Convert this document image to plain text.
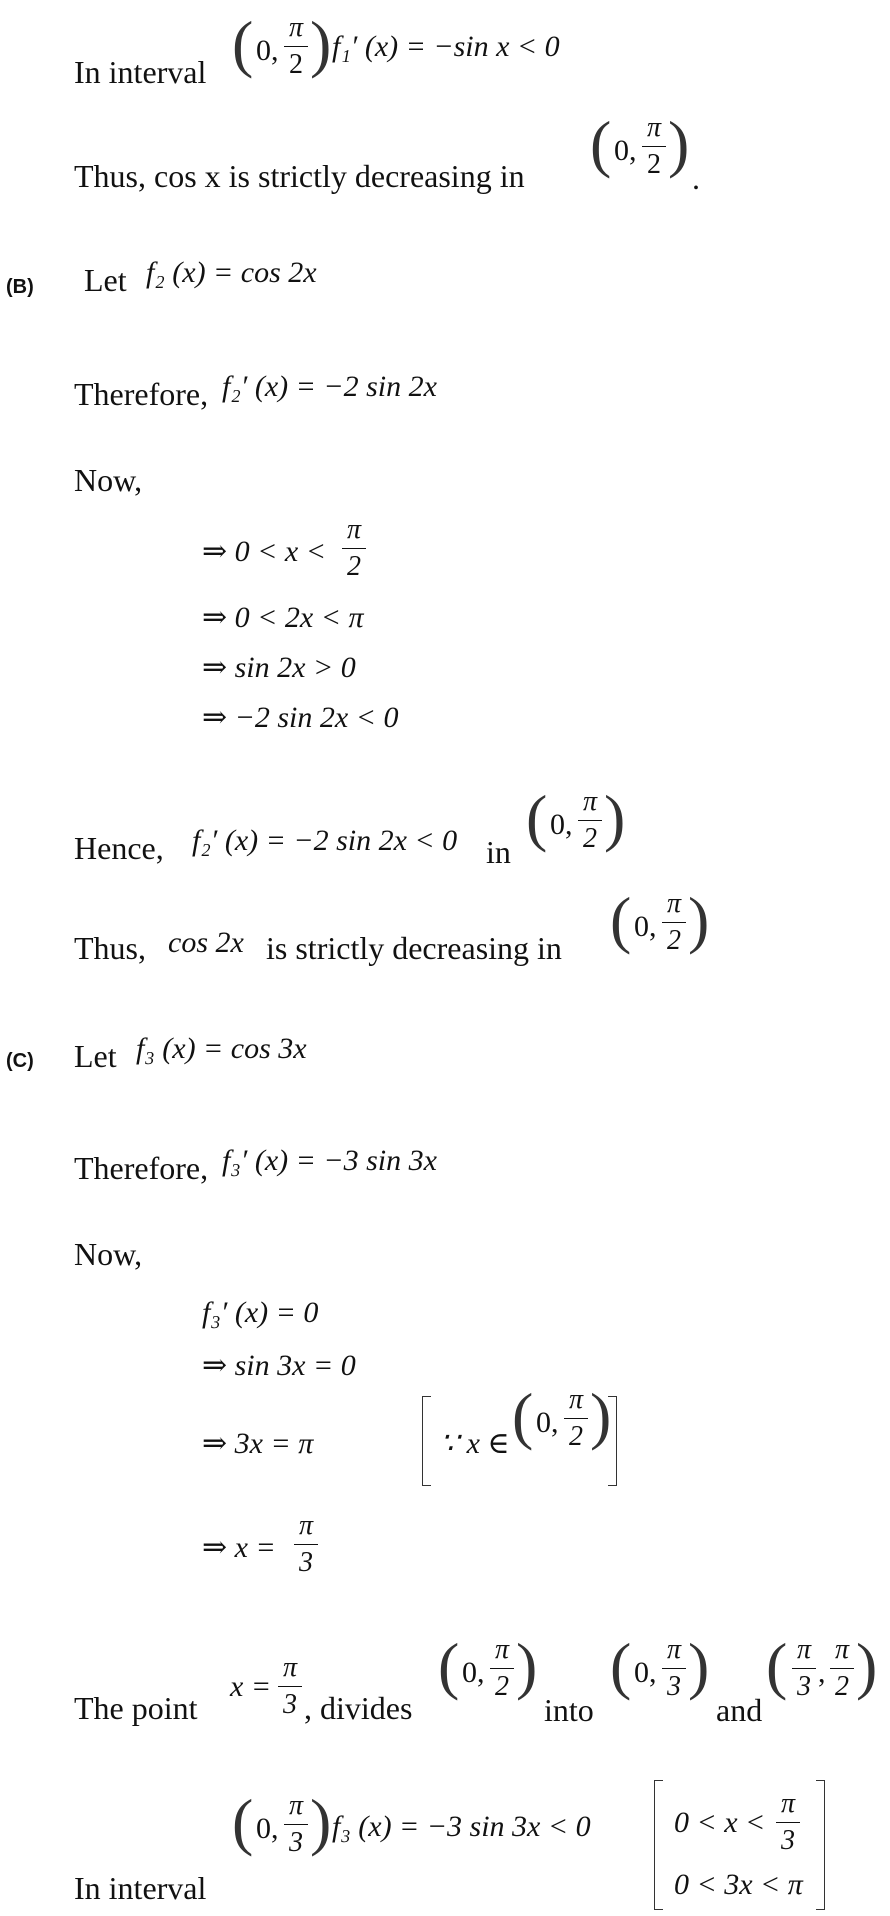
In interval ( 0,
π
2 ) f₁′ (x) = −sin x < 0
Thus, cos x is strictly decreasing in ( 0,
π
2 ) .
(B) Let f₂ (x) = cos 2x
Therefore, f₂′ (x) = −2 sin 2x
Now,
⇒ 0 < x <
π
2
⇒ 0 < 2x < π
⇒ sin 2x > 0
⇒ −2 sin 2x < 0
Hence, f₂′ (x) = −2 sin 2x < 0 in ( 0,
π
2 )
Thus, cos 2x is strictly decreasing in ( 0,
π
2 )
(C) Let f₃ (x) = cos 3x
Therefore, f₃′ (x) = −3 sin 3x
Now,
f₃′ (x) = 0
⇒ sin 3x = 0
⇒ 3x = π	∵ x ∈ ( 0,
π
2 )
⇒ x =
π
3
The point
x =
π
3 , divides
( 0,
π
2 )
into
( 0,
π
3 )
and
( π
3 ,
π
2 )
( 0,
π
3 ) f₃ (x) = −3 sin 3x < 0	0 < x <
π
3
0 < 3x < π
In interval
